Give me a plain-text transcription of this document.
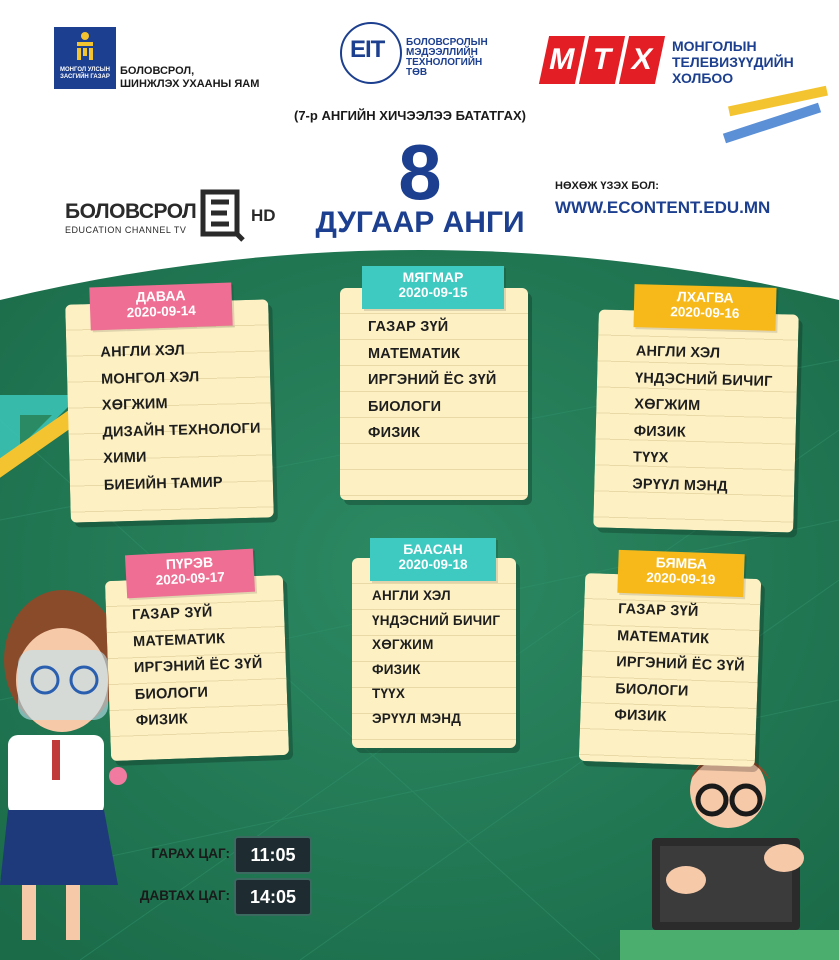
МОНГОЛ УЛСЫН ЗАСГИЙН ГАЗАР БОЛОВСРОЛ,
ШИНЖЛЭХ УХААНЫ ЯАМ
EIT БОЛОВСРОЛЫН
МЭДЭЭЛЛИЙН
ТЕХНОЛОГИЙН
ТӨВ	M T X	МОНГОЛЫН
ТЕЛЕВИЗҮҮДИЙН
ХОЛБОО
(7-р АНГИЙН ХИЧЭЭЛЭЭ БАТАТГАХ)
8
ДУГААР АНГИ
БОЛОВСРОЛ
EDUCATION CHANNEL TV
HD
НӨХӨЖ ҮЗЭХ БОЛ:
WWW.ECONTENT.EDU.MN
АНГЛИ ХЭЛ
МОНГОЛ ХЭЛ
ХӨГЖИМ
ДИЗАЙН ТЕХНОЛОГИ
ХИМИ
БИЕИЙН ТАМИР
ДАВАА
2020-09-14
ГАЗАР ЗҮЙ
МАТЕМАТИК
ИРГЭНИЙ ЁС ЗҮЙ
БИОЛОГИ
ФИЗИК
МЯГМАР
2020-09-15
АНГЛИ ХЭЛ
ҮНДЭСНИЙ БИЧИГ
ХӨГЖИМ
ФИЗИК
ТҮҮХ
ЭРҮҮЛ МЭНД
ЛХАГВА
2020-09-16
ГАЗАР ЗҮЙ
МАТЕМАТИК
ИРГЭНИЙ ЁС ЗҮЙ
БИОЛОГИ
ФИЗИК
ПҮРЭВ
2020-09-17
АНГЛИ ХЭЛ
ҮНДЭСНИЙ БИЧИГ
ХӨГЖИМ
ФИЗИК
ТҮҮХ
ЭРҮҮЛ МЭНД
БААСАН
2020-09-18
ГАЗАР ЗҮЙ
МАТЕМАТИК
ИРГЭНИЙ ЁС ЗҮЙ
БИОЛОГИ
ФИЗИК
БЯМБА
2020-09-19
ГАРАХ ЦАГ:	11:05
ДАВТАХ ЦАГ:	14:05
